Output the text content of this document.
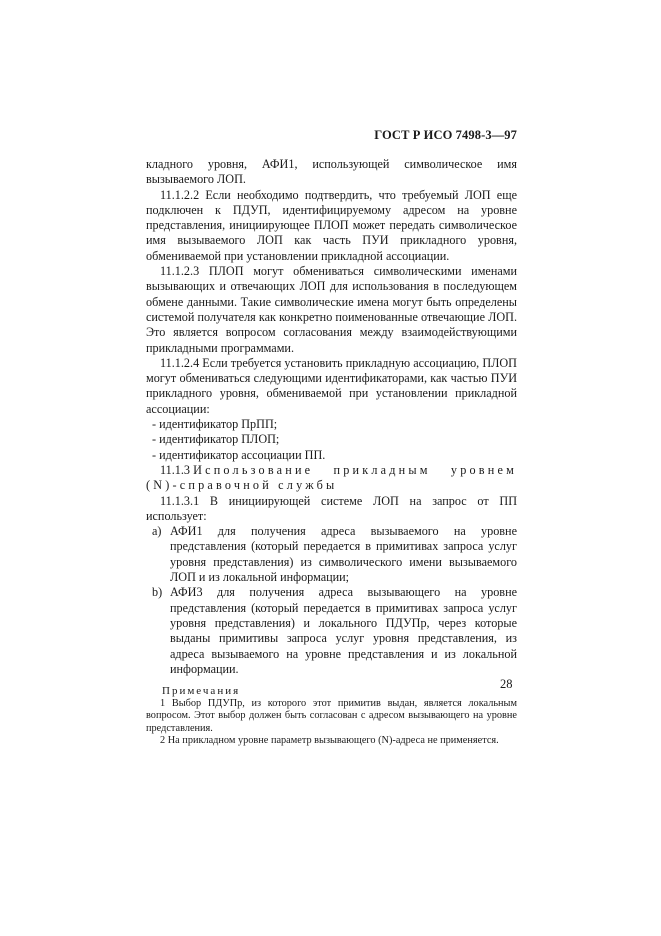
ГОСТ Р ИСО 7498-3—97

кладного уровня, АФИ1, использующей символическое имя вызываемого ЛОП.

11.1.2.2 Если необходимо подтвердить, что требуемый ЛОП еще подключен к ПДУП, идентифицируемому адресом на уровне представления, инициирующее ПЛОП может передать символическое имя вызываемого ЛОП как часть ПУИ прикладного уровня, обмениваемой при установлении прикладной ассоциации.

11.1.2.3 ПЛОП могут обмениваться символическими именами вызывающих и отвечающих ЛОП для использования в последующем обмене данными. Такие символические имена могут быть определены системой получателя как конкретно поименованные отвечающие ЛОП. Это является вопросом согласования между взаимодействующими прикладными программами.

11.1.2.4 Если требуется установить прикладную ассоциацию, ПЛОП могут обмениваться следующими идентификаторами, как частью ПУИ прикладного уровня, обмениваемой при установлении прикладной ассоциации:

- идентификатор ПрПП;

- идентификатор ПЛОП;

- идентификатор ассоциации ПП.

11.1.3 Использование	прикладным	уровнем

(N)-справочной службы

11.1.3.1 В инициирующей системе ЛОП на запрос от ПП использует:

a) АФИ1 для получения адреса вызываемого на уровне представления (который передается в примитивах запроса услуг уровня представления) из символического имени вызываемого ЛОП и из локальной информации;
b) АФИ3 для получения адреса вызывающего на уровне представления (который передается в примитивах запроса услуг уровня представления) и локального ПДУПр, через которые выданы примитивы запроса услуг уровня представления, из адреса вызываемого на уровне представления и из локальной информации.
Примечания

1 Выбор ПДУПр, из которого этот примитив выдан, является локальным вопросом. Этот выбор должен быть согласован с адресом вызывающего на уровне представления.

2 На прикладном уровне параметр вызывающего (N)-адреса не применяется.

28
